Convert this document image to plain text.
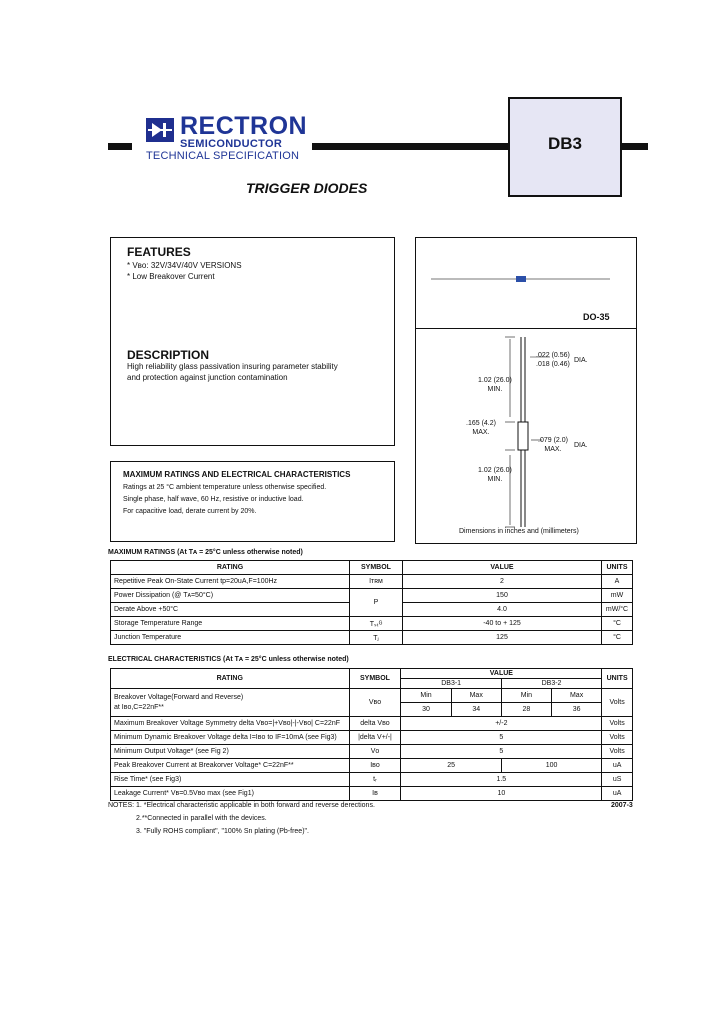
RECTRON
SEMICONDUCTOR
TECHNICAL SPECIFICATION
DB3
TRIGGER DIODES
FEATURES
* Vʙᴏ: 32V/34V/40V VERSIONS
* Low Breakover Current
DESCRIPTION
High reliability glass passivation insuring parameter stability
and protection against junction contamination
MAXIMUM RATINGS AND ELECTRICAL CHARACTERISTICS
Ratings at 25 °C ambient temperature unless otherwise specified.
Single phase, half wave, 60 Hz, resistive or inductive load.
For capacitive load, derate current by 20%.
DO-35
.022 (0.56)
.018 (0.46)
DIA.
1.02 (26.0)
MIN.
.165 (4.2)
MAX.
.079 (2.0)
MAX.
DIA.
1.02 (26.0)
MIN.
Dimensions in inches and (millimeters)
MAXIMUM RATINGS (At Tᴀ = 25°C unless otherwise noted)
RATING	SYMBOL	VALUE	UNITS
Repetitive Peak On-State Current tp=20uA,F=100Hz	Iᴛʀᴍ	2	A
Power Dissipation (@ Tᴀ=50°C)	P	150	mW
Derate Above +50°C		4.0	mW/°C
Storage Temperature Range	Tₛₜᴳ	-40 to + 125	°C
Junction Temperature	Tⱼ	125	°C
ELECTRICAL CHARACTERISTICS (At Tᴀ = 25°C unless otherwise noted)
RATING	SYMBOL	VALUE				UNITS
		DB3-1		DB3-2		

Breakover Voltage(Forward and Reverse)
at Iʙᴏ,C=22nF**	Vʙᴏ	Min	Max	Min	Max	Volts
		30	34	28	36	
Maximum Breakover Voltage Symmetry delta Vʙᴏ=|+Vʙᴏ|-|-Vʙᴏ| C=22nF	delta Vʙᴏ	+/-2				Volts
Minimum Dynamic Breakover Voltage delta I=Iʙᴏ to IF=10mA (see Fig3)	|delta V+/-|	5				Volts
Minimum Output Voltage* (see Fig 2)	Vᴏ	5				Volts
Peak Breakover Current at Breakorver Voltage* C=22nF**	Iʙᴏ	25		100		uA
Rise Time* (see Fig3)	tᵣ	1.5				uS
Leakage Current* Vʙ=0.5Vʙᴏ max (see Fig1)	Iʙ	10				uA
NOTES: 1. *Electrical characteristic applicable in both forward and reverse derections.	2007-3
2.**Connected in parallel with the devices.
3. "Fully ROHS compliant", "100% Sn plating (Pb-free)".
